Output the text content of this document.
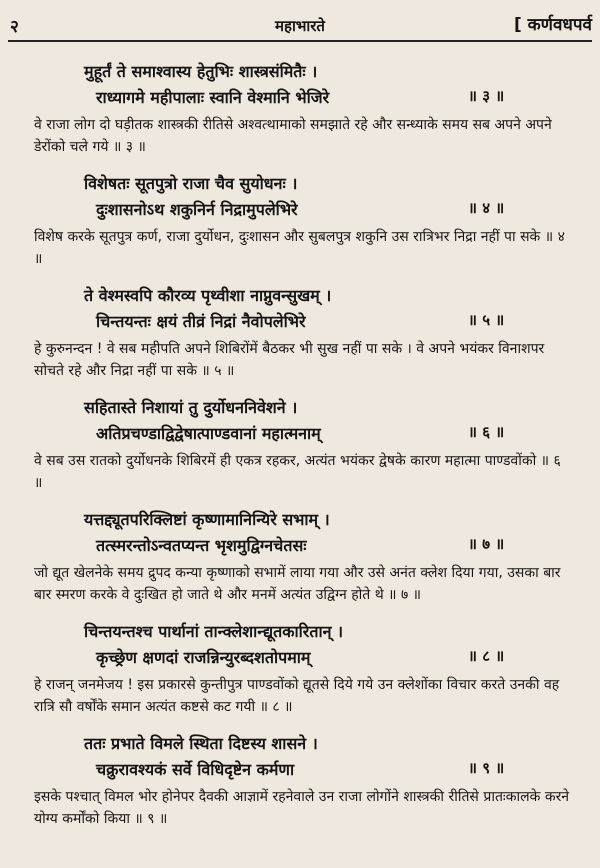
२	महाभारते	[ कर्णवधपर्व
मुहूर्तं ते समाश्वास्य हेतुभिः शास्त्रसंमितैः ।
राध्यागमे महीपालाः स्वानि वेश्मानि भेजिरे	॥ ३ ॥
वे राजा लोग दो घड़ीतक शास्त्रकी रीतिसे अश्वत्थामाको समझाते रहे और सन्ध्याके समय सब अपने अपने डेरोंको चले गये ॥ ३ ॥
विशेषतः सूतपुत्रो राजा चैव सुयोधनः ।
दुःशासनोऽथ शकुनिर्न निद्रामुपलेभिरे	॥ ४ ॥
विशेष करके सूतपुत्र कर्ण, राजा दुर्योधन, दुःशासन और सुबलपुत्र शकुनि उस रात्रिभर निद्रा नहीं पा सके ॥ ४ ॥
ते वेश्मस्वपि कौरव्य पृथ्वीशा नाप्नुवन्सुखम् ।
चिन्तयन्तः क्षयं तीव्रं निद्रां नैवोपलेभिरे	॥ ५ ॥
हे कुरुनन्दन ! वे सब महीपति अपने शिबिरोंमें बैठकर भी सुख नहीं पा सके । वे अपने भयंकर विनाशपर सोचते रहे और निद्रा नहीं पा सके ॥ ५ ॥
सहितास्ते निशायां तु दुर्योधननिवेशने ।
अतिप्रचण्डाद्विद्वेषात्पाण्डवानां महात्मनाम्	॥ ६ ॥
वे सब उस रातको दुर्योधनके शिबिरमें ही एकत्र रहकर, अत्यंत भयंकर द्वेषके कारण महात्मा पाण्डवोंको ॥ ६ ॥
यत्तद्द्यूतपरिक्लिष्टां कृष्णामानिन्यिरे सभाम् ।
तत्स्मरन्तोऽन्वतप्यन्त भृशमुद्विग्नचेतसः	॥ ७ ॥
जो द्यूत खेलनेके समय द्रुपद कन्या कृष्णाको सभामें लाया गया और उसे अनंत क्लेश दिया गया, उसका बार बार स्मरण करके वे दुःखित हो जाते थे और मनमें अत्यंत उद्विग्न होते थे ॥ ७ ॥
चिन्तयन्तश्च पार्थानां तान्क्लेशान्द्यूतकारितान् ।
कृच्छ्रेण क्षणदां राजन्निन्युरब्दशतोपमाम्	॥ ८ ॥
हे राजन् जनमेजय ! इस प्रकारसे कुन्तीपुत्र पाण्डवोंको द्यूतसे दिये गये उन क्लेशोंका विचार करते उनकी वह रात्रि सौ वर्षोंके समान अत्यंत कष्टसे कट गयी ॥ ८ ॥
ततः प्रभाते विमले स्थिता दिष्टस्य शासने ।
चक्रुरावश्यकं सर्वे विधिदृष्टेन कर्मणा	॥ ९ ॥
इसके पश्चात् विमल भोर होनेपर दैवकी आज्ञामें रहनेवाले उन राजा लोगोंने शास्त्रकी रीतिसे प्रातःकालके करने योग्य कर्मोंको किया ॥ ९ ॥
